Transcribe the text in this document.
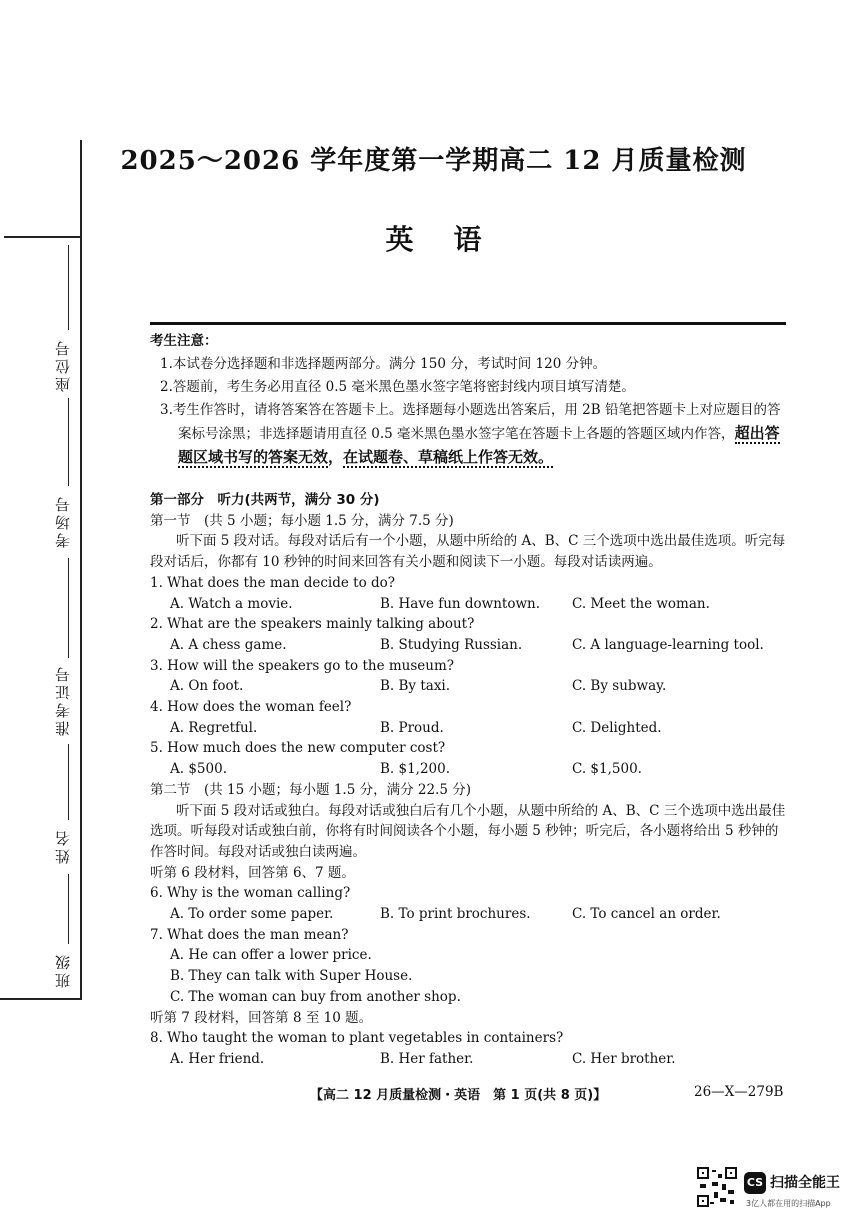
座位号
考场号
准考证号
姓名
班级
2025～2026 学年度第一学期高二 12 月质量检测
英语
考生注意：
1.本试卷分选择题和非选择题两部分。满分 150 分，考试时间 120 分钟。
2.答题前，考生务必用直径 0.5 毫米黑色墨水签字笔将密封线内项目填写清楚。
3.考生作答时，请将答案答在答题卡上。选择题每小题选出答案后，用 2B 铅笔把答题卡上对应题目的答案标号涂黑；非选择题请用直径 0.5 毫米黑色墨水签字笔在答题卡上各题的答题区域内作答，超出答题区域书写的答案无效，在试题卷、草稿纸上作答无效。
第一部分　听力(共两节，满分 30 分)
第一节　(共 5 小题；每小题 1.5 分，满分 7.5 分)
听下面 5 段对话。每段对话后有一个小题，从题中所给的 A、B、C 三个选项中选出最佳选项。听完每段对话后，你都有 10 秒钟的时间来回答有关小题和阅读下一小题。每段对话读两遍。
1. What does the man decide to do?
A. Watch a movie.	B. Have fun downtown.	C. Meet the woman.
2. What are the speakers mainly talking about?
A. A chess game.	B. Studying Russian.	C. A language-learning tool.
3. How will the speakers go to the museum?
A. On foot.	B. By taxi.	C. By subway.
4. How does the woman feel?
A. Regretful.	B. Proud.	C. Delighted.
5. How much does the new computer cost?
A. $500.	B. $1,200.	C. $1,500.
第二节　(共 15 小题；每小题 1.5 分，满分 22.5 分)
听下面 5 段对话或独白。每段对话或独白后有几个小题，从题中所给的 A、B、C 三个选项中选出最佳选项。听每段对话或独白前，你将有时间阅读各个小题，每小题 5 秒钟；听完后，各小题将给出 5 秒钟的作答时间。每段对话或独白读两遍。
听第 6 段材料，回答第 6、7 题。
6. Why is the woman calling?
A. To order some paper.	B. To print brochures.	C. To cancel an order.
7. What does the man mean?
A. He can offer a lower price.
B. They can talk with Super House.
C. The woman can buy from another shop.
听第 7 段材料，回答第 8 至 10 题。
8. Who taught the woman to plant vegetables in containers?
A. Her friend.	B. Her father.	C. Her brother.
【高二 12 月质量检测・英语　第 1 页(共 8 页)】	26—X—279B
CS 扫描全能王
3亿人都在用的扫描App
